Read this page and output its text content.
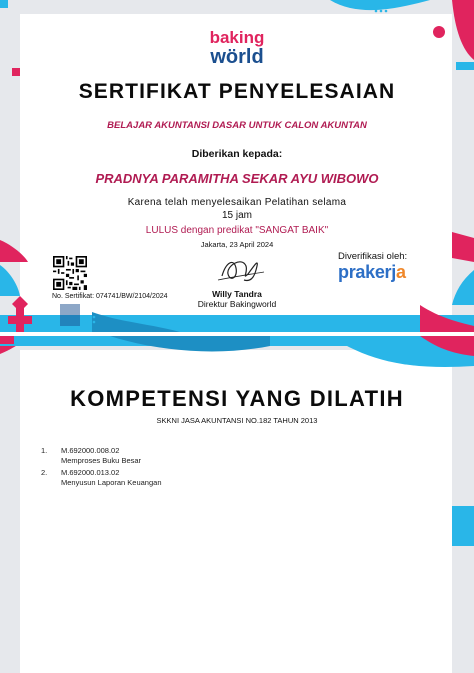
baking
wörld
SERTIFIKAT PENYELESAIAN
BELAJAR AKUNTANSI DASAR UNTUK CALON AKUNTAN
Diberikan kepada:
PRADNYA PARAMITHA SEKAR AYU WIBOWO
Karena telah menyelesaikan Pelatihan selama
15 jam
LULUS dengan predikat "SANGAT BAIK"
Jakarta, 23 April 2024
Willy Tandra
Direktur Bakingworld
No. Sertifikat: 074741/BW/2104/2024
Diverifikasi oleh:
prakerja
KOMPETENSI YANG DILATIH
SKKNI JASA AKUNTANSI NO.182 TAHUN 2013
1. M.692000.008.02
Memproses Buku Besar
2. M.692000.013.02
Menyusun Laporan Keuangan
